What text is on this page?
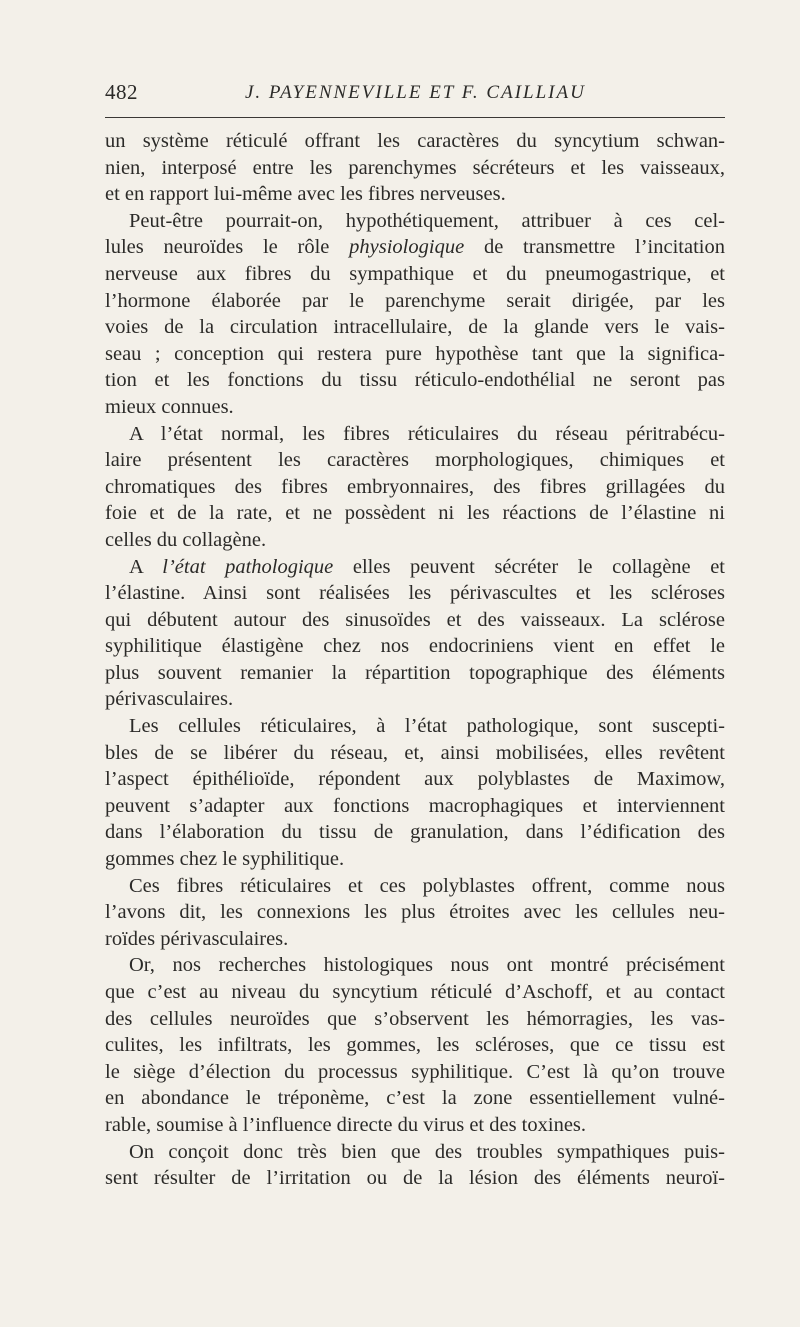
482	J. PAYENNEVILLE ET F. CAILLIAU
un système réticulé offrant les caractères du syncytium schwan-
nien, interposé entre les parenchymes sécréteurs et les vaisseaux,
et en rapport lui-même avec les fibres nerveuses.
Peut-être pourrait-on, hypothétiquement, attribuer à ces cel-
lules neuroïdes le rôle physiologique de transmettre l’incitation
nerveuse aux fibres du sympathique et du pneumogastrique, et
l’hormone élaborée par le parenchyme serait dirigée, par les
voies de la circulation intracellulaire, de la glande vers le vais-
seau ; conception qui restera pure hypothèse tant que la significa-
tion et les fonctions du tissu réticulo-endothélial ne seront pas
mieux connues.
A l’état normal, les fibres réticulaires du réseau péritrabécu-
laire présentent les caractères morphologiques, chimiques et
chromatiques des fibres embryonnaires, des fibres grillagées du
foie et de la rate, et ne possèdent ni les réactions de l’élastine ni
celles du collagène.
A l’état pathologique elles peuvent sécréter le collagène et
l’élastine. Ainsi sont réalisées les périvascultes et les scléroses
qui débutent autour des sinusoïdes et des vaisseaux. La sclérose
syphilitique élastigène chez nos endocriniens vient en effet le
plus souvent remanier la répartition topographique des éléments
périvasculaires.
Les cellules réticulaires, à l’état pathologique, sont suscepti-
bles de se libérer du réseau, et, ainsi mobilisées, elles revêtent
l’aspect épithélioïde, répondent aux polyblastes de Maximow,
peuvent s’adapter aux fonctions macrophagiques et interviennent
dans l’élaboration du tissu de granulation, dans l’édification des
gommes chez le syphilitique.
Ces fibres réticulaires et ces polyblastes offrent, comme nous
l’avons dit, les connexions les plus étroites avec les cellules neu-
roïdes périvasculaires.
Or, nos recherches histologiques nous ont montré précisément
que c’est au niveau du syncytium réticulé d’Aschoff, et au contact
des cellules neuroïdes que s’observent les hémorragies, les vas-
culites, les infiltrats, les gommes, les scléroses, que ce tissu est
le siège d’élection du processus syphilitique. C’est là qu’on trouve
en abondance le tréponème, c’est la zone essentiellement vulné-
rable, soumise à l’influence directe du virus et des toxines.
On conçoit donc très bien que des troubles sympathiques puis-
sent résulter de l’irritation ou de la lésion des éléments neuroï-
